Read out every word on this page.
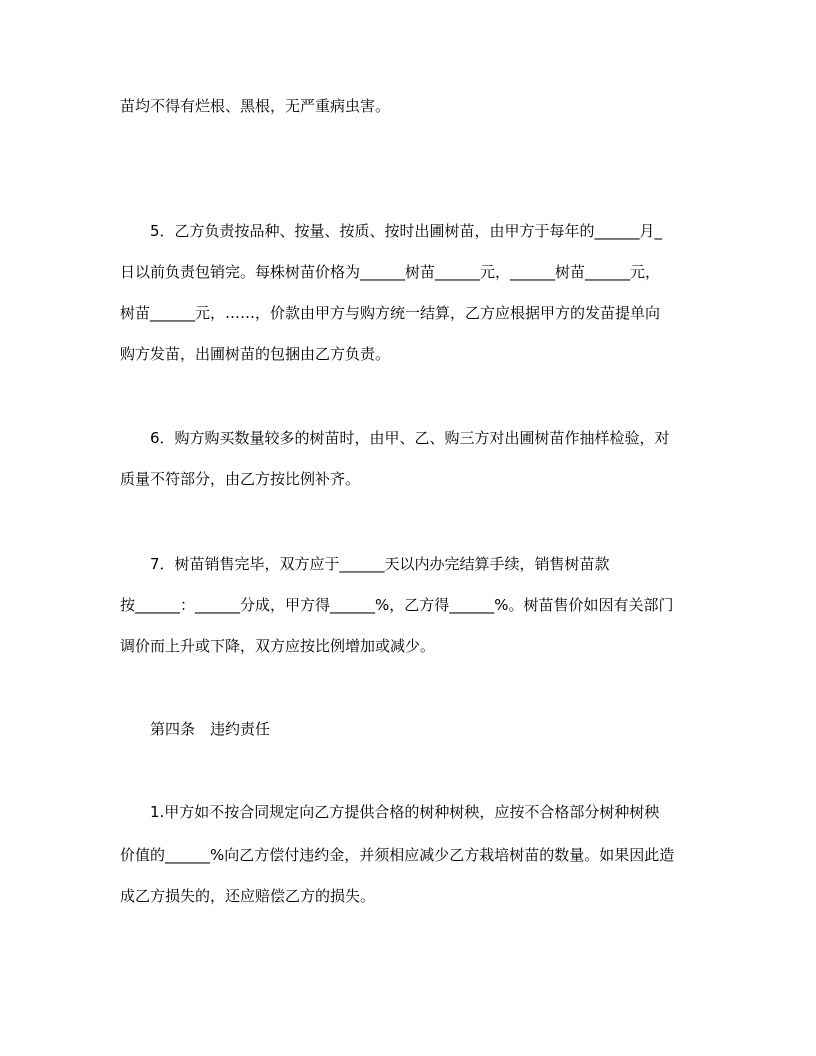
苗均不得有烂根、黑根，无严重病虫害。
5．乙方负责按品种、按量、按质、按时出圃树苗，由甲方于每年的______月_
日以前负责包销完。每株树苗价格为______树苗______元，______树苗______元，
树苗______元，……，价款由甲方与购方统一结算，乙方应根据甲方的发苗提单向
购方发苗，出圃树苗的包捆由乙方负责。
6．购方购买数量较多的树苗时，由甲、乙、购三方对出圃树苗作抽样检验，对
质量不符部分，由乙方按比例补齐。
7．树苗销售完毕，双方应于______天以内办完结算手续，销售树苗款
按______：______分成，甲方得______%，乙方得______%。树苗售价如因有关部门
调价而上升或下降，双方应按比例增加或减少。
第四条　违约责任
1.甲方如不按合同规定向乙方提供合格的树种树秧，应按不合格部分树种树秧
价值的______%向乙方偿付违约金，并须相应减少乙方栽培树苗的数量。如果因此造
成乙方损失的，还应赔偿乙方的损失。
